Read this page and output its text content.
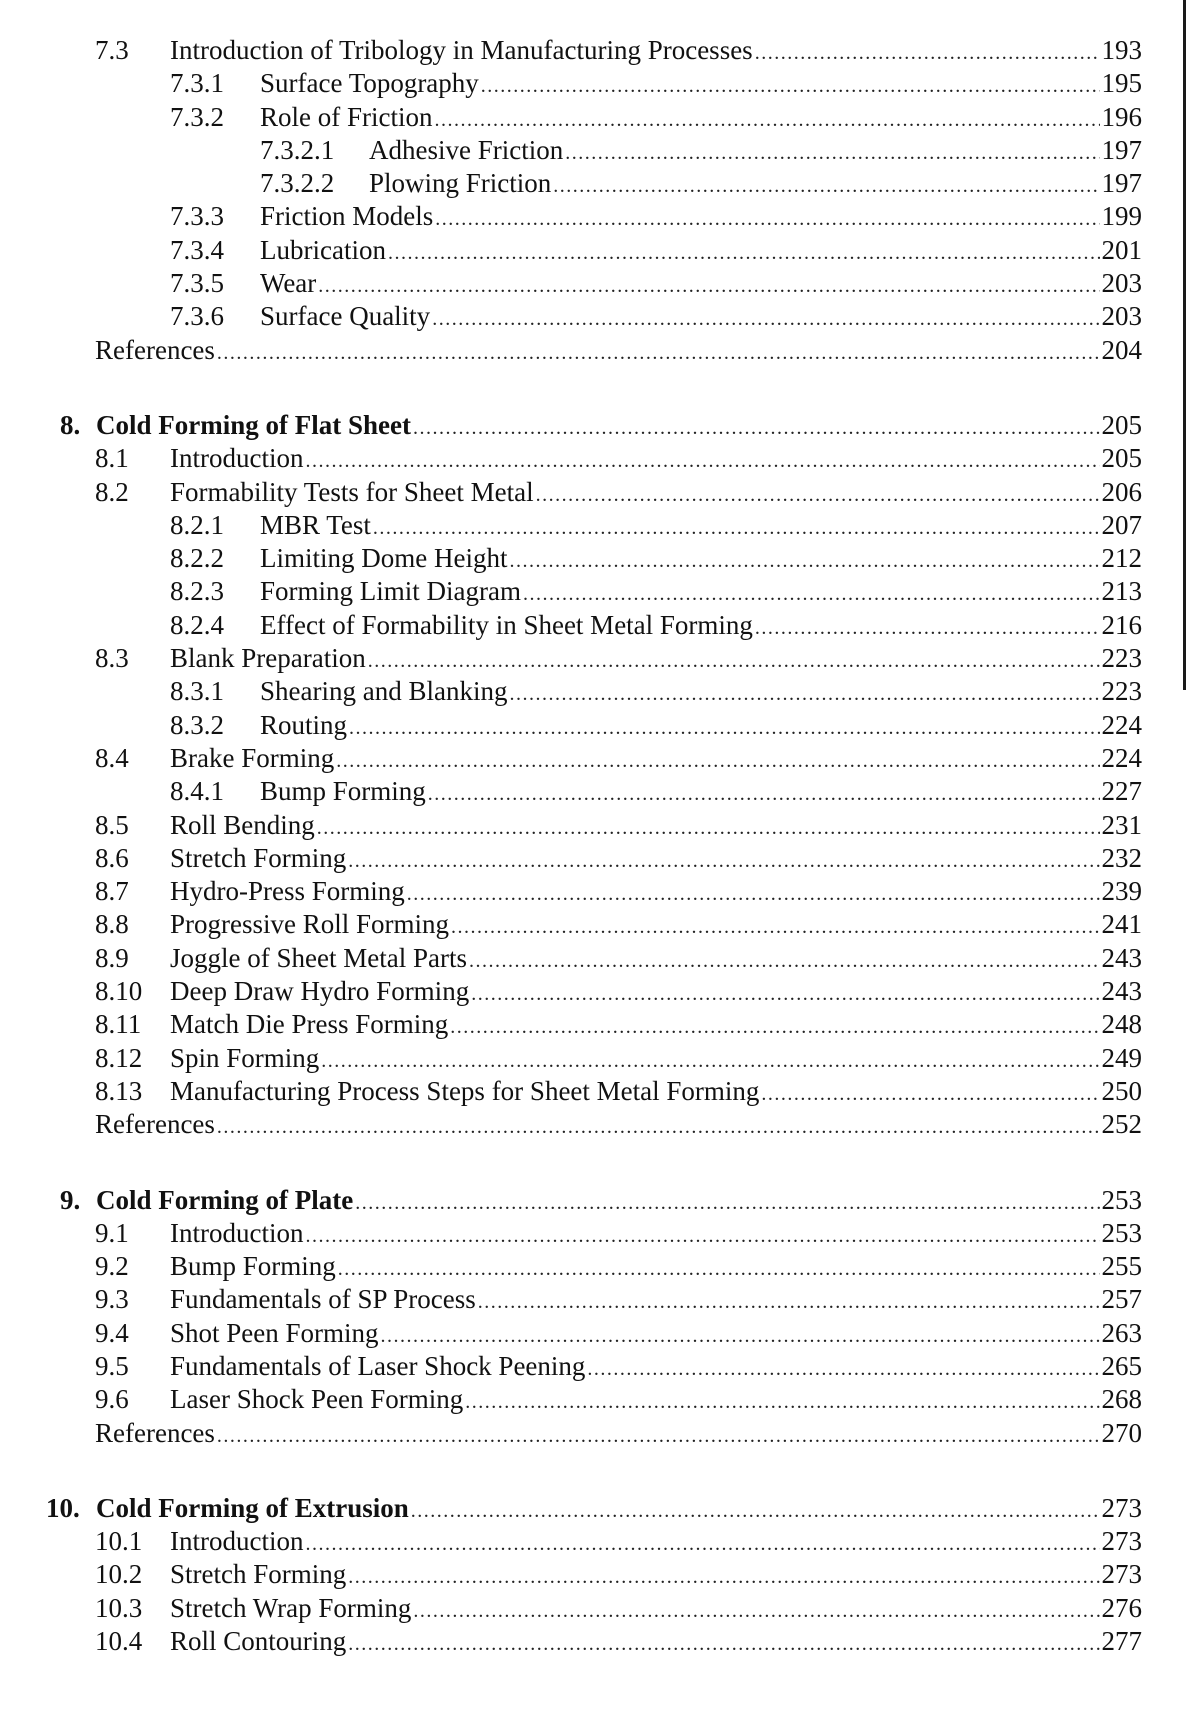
7.3 Introduction of Tribology in Manufacturing Processes .....	193
7.3.1 Surface Topography .....	195
7.3.2 Role of Friction .....	196
7.3.2.1 Adhesive Friction .....	197
7.3.2.2 Plowing Friction .....	197
7.3.3 Friction Models .....	199
7.3.4 Lubrication .....	201
7.3.5 Wear .....	203
7.3.6 Surface Quality .....	203
References .....	204
8. Cold Forming of Flat Sheet .....	205
8.1 Introduction .....	205
8.2 Formability Tests for Sheet Metal .....	206
8.2.1 MBR Test .....	207
8.2.2 Limiting Dome Height .....	212
8.2.3 Forming Limit Diagram .....	213
8.2.4 Effect of Formability in Sheet Metal Forming .....	216
8.3 Blank Preparation .....	223
8.3.1 Shearing and Blanking .....	223
8.3.2 Routing .....	224
8.4 Brake Forming .....	224
8.4.1 Bump Forming .....	227
8.5 Roll Bending .....	231
8.6 Stretch Forming .....	232
8.7 Hydro-Press Forming .....	239
8.8 Progressive Roll Forming .....	241
8.9 Joggle of Sheet Metal Parts .....	243
8.10 Deep Draw Hydro Forming .....	243
8.11 Match Die Press Forming .....	248
8.12 Spin Forming .....	249
8.13 Manufacturing Process Steps for Sheet Metal Forming .....	250
References .....	252
9. Cold Forming of Plate .....	253
9.1 Introduction .....	253
9.2 Bump Forming .....	255
9.3 Fundamentals of SP Process .....	257
9.4 Shot Peen Forming .....	263
9.5 Fundamentals of Laser Shock Peening .....	265
9.6 Laser Shock Peen Forming .....	268
References .....	270
10. Cold Forming of Extrusion .....	273
10.1 Introduction .....	273
10.2 Stretch Forming .....	273
10.3 Stretch Wrap Forming .....	276
10.4 Roll Contouring .....	277
